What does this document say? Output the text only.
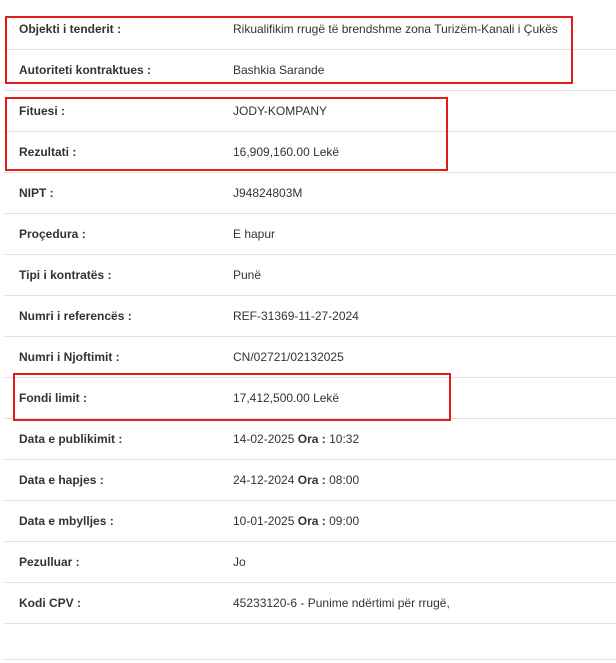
Objekti i tenderit :	Rikualifikim rrugë të brendshme zona Turizëm-Kanali i Çukës
Autoriteti kontraktues :	Bashkia Sarande
Fituesi :	JODY-KOMPANY
Rezultati :	16,909,160.00 Lekë
NIPT :	J94824803M
Proçedura :	E hapur
Tipi i kontratës :	Punë
Numri i referencës :	REF-31369-11-27-2024
Numri i Njoftimit :	CN/02721/02132025
Fondi limit :	17,412,500.00 Lekë
Data e publikimit :	14-02-2025 Ora : 10:32
Data e hapjes :	24-12-2024 Ora : 08:00
Data e mbylljes :	10-01-2025 Ora : 09:00
Pezulluar :	Jo
Kodi CPV :	45233120-6 - Punime ndërtimi për rrugë,
